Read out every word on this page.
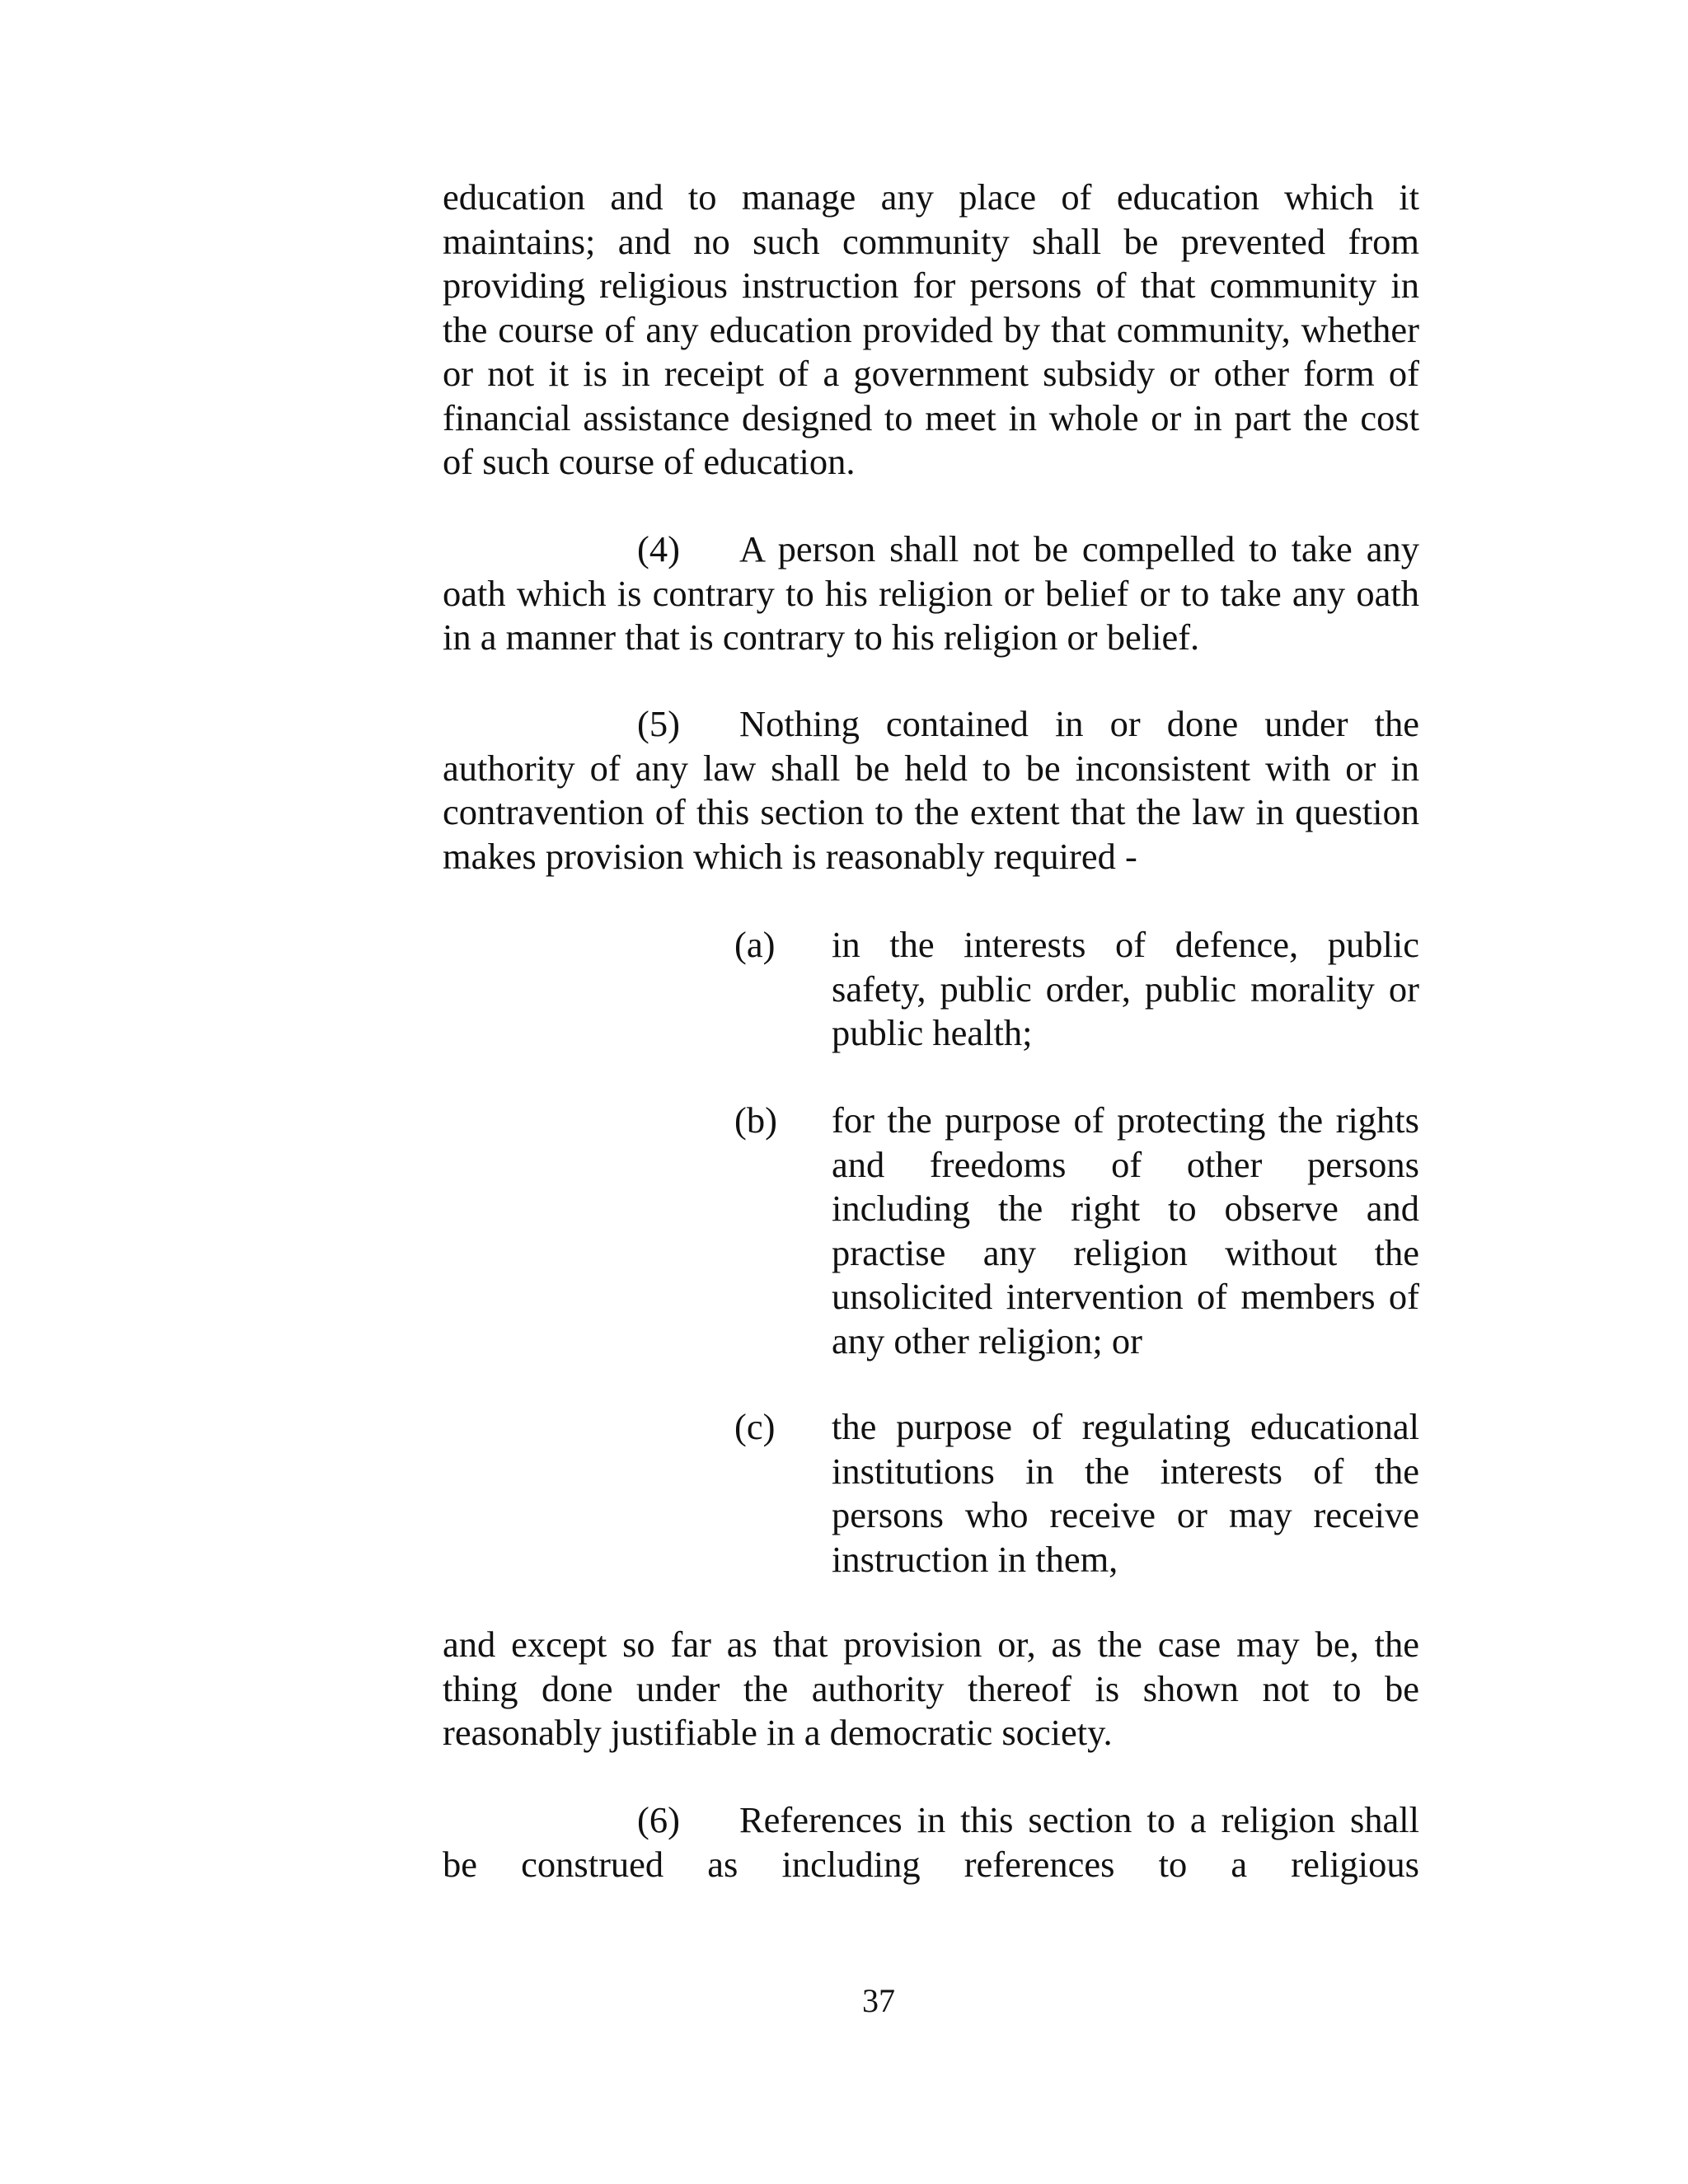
education and to manage any place of education which it maintains; and no such community shall be prevented from providing religious instruction for persons of that community in the course of any education provided by that community, whether or not it is in receipt of a government subsidy or other form of financial assistance designed to meet in whole or in part the cost of such course of education.

(4) A person shall not be compelled to take any oath which is contrary to his religion or belief or to take any oath in a manner that is contrary to his religion or belief.

(5) Nothing contained in or done under the authority of any law shall be held to be inconsistent with or in contravention of this section to the extent that the law in question makes provision which is reasonably required -

(a)	in the interests of defence, public safety, public order, public morality or public health;
(b)	for the purpose of protecting the rights and freedoms of other persons including the right to observe and practise any religion without the unsolicited intervention of members of any other religion; or
(c)	the purpose of regulating educational institutions in the interests of the persons who receive or may receive instruction in them,

and except so far as that provision or, as the case may be, the thing done under the authority thereof is shown not to be reasonably justifiable in a democratic society.

(6) References in this section to a religion shall be construed as including references to a religious

37
